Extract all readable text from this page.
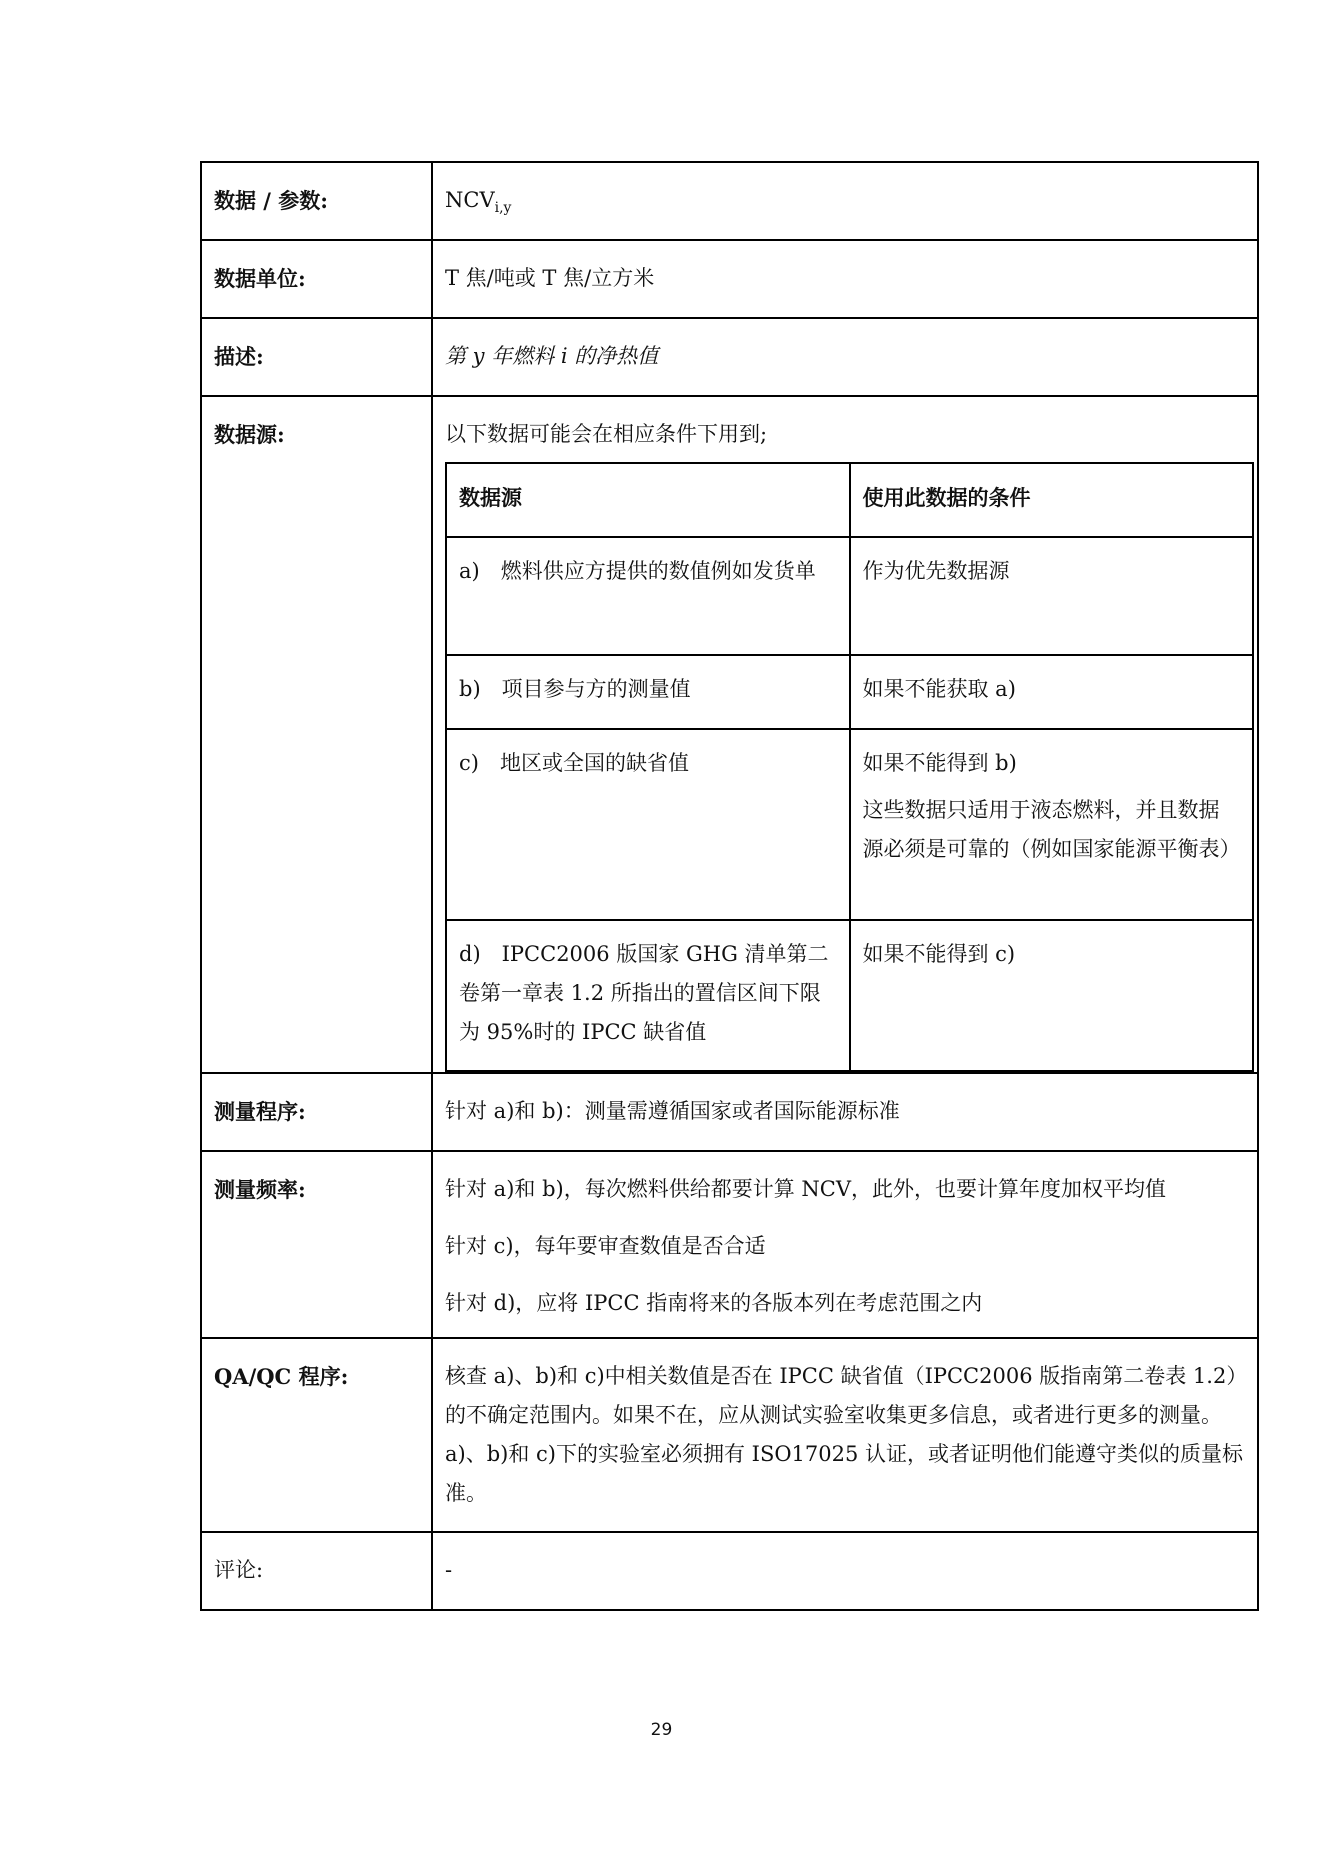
数据 / 参数:	$NCV_{i,y}$

数据单位:	T 焦/吨或 T 焦/立方米

描述:	第 y 年燃料 i 的净热值

数据源:	以下数据可能会在相应条件下用到;
数据源	使用此数据的条件
a)　燃料供应方提供的数值例如发货单	作为优先数据源
b)　项目参与方的测量值	如果不能获取 a)
c)　地区或全国的缺省值	如果不能得到 b)
这些数据只适用于液态燃料，并且数据源必须是可靠的（例如国家能源平衡表）

d)　IPCC2006 版国家 GHG 清单第二卷第一章表 1.2 所指出的置信区间下限为 95%时的 IPCC 缺省值	如果不能得到 c)

测量程序:	针对 a)和 b)：测量需遵循国家或者国际能源标准

测量频率:	针对 a)和 b)，每次燃料供给都要计算 NCV，此外，也要计算年度加权平均值

针对 c)，每年要审查数值是否合适

针对 d)，应将 IPCC 指南将来的各版本列在考虑范围之内

QA/QC 程序:	核查 a)、b)和 c)中相关数值是否在 IPCC 缺省值（IPCC2006 版指南第二卷表 1.2）的不确定范围内。如果不在，应从测试实验室收集更多信息，或者进行更多的测量。a)、b)和 c)下的实验室必须拥有 ISO17025 认证，或者证明他们能遵守类似的质量标准。

评论:	-
29
